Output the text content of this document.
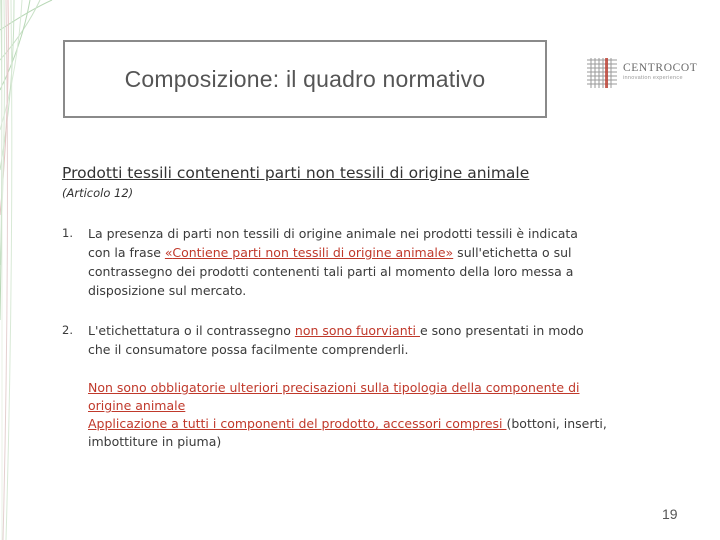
Composizione: il quadro normativo	CENTROCOT
innovation experience
Prodotti tessili contenenti parti non tessili di origine animale
(Articolo 12)
1. La presenza di parti non tessili di origine animale nei prodotti tessili è indicata con la frase «Contiene parti non tessili di origine animale» sull'etichetta o sul contrassegno dei prodotti contenenti tali parti al momento della loro messa a disposizione sul mercato.
2. L'etichettatura o il contrassegno non sono fuorvianti e sono presentati in modo che il consumatore possa facilmente comprenderli.
Non sono obbligatorie ulteriori precisazioni sulla tipologia della componente di origine animale
Applicazione a tutti i componenti del prodotto, accessori compresi (bottoni, inserti, imbottiture in piuma)
19
